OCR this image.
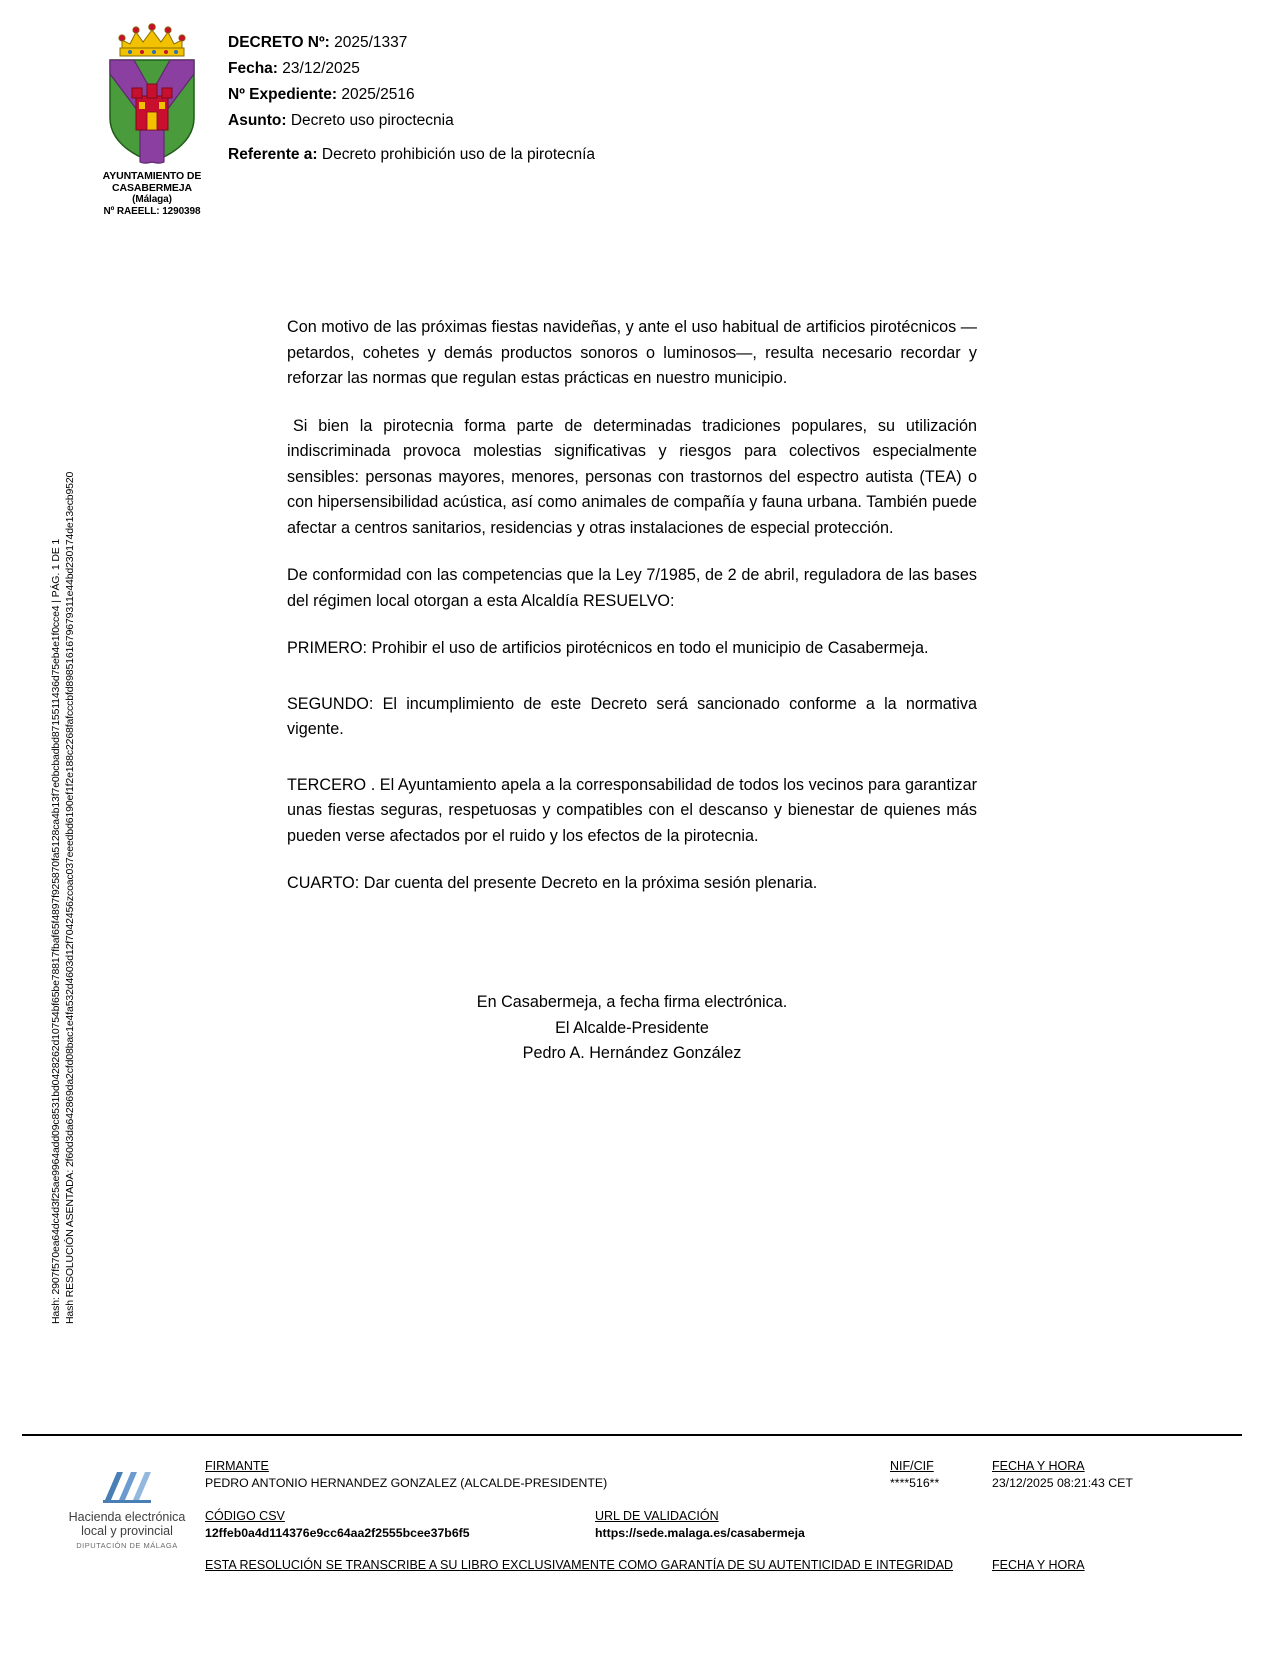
AYUNTAMIENTO DE CASABERMEJA
(Málaga)
Nº RAEELL: 1290398
DECRETO Nº: 2025/1337
Fecha: 23/12/2025
Nº Expediente: 2025/2516
Asunto: Decreto uso piroctecnia
Referente a: Decreto prohibición uso de la pirotecnía
Hash: 2907f570ea64dc4d3f25ae9964add09c8531bd0428262d10754bf65be78817fbaf65f4897f925870fa5128ca4b13f7e0bcbadbd8715511436d75eb4e1f0cce4 | PÁG. 1 DE 1 Hash RESOLUCIÓN ASENTADA: 2f60d3da642869da2cfd08bac1e4fa532d4603d12f7042456zcoac037eeedbd6190ef1f2e188c2268fafcccbfd8985161679679311e44bd230174de13ecb9520

Con motivo de las próximas fiestas navideñas, y ante el uso habitual de artificios pirotécnicos — petardos, cohetes y demás productos sonoros o luminosos—, resulta necesario recordar y reforzar las normas que regulan estas prácticas en nuestro municipio.

Si bien la pirotecnia forma parte de determinadas tradiciones populares, su utilización indiscriminada provoca molestias significativas y riesgos para colectivos especialmente sensibles: personas mayores, menores, personas con trastornos del espectro autista (TEA) o con hipersensibilidad acústica, así como animales de compañía y fauna urbana. También puede afectar a centros sanitarios, residencias y otras instalaciones de especial protección.

De conformidad con las competencias que la Ley 7/1985, de 2 de abril, reguladora de las bases del régimen local otorgan a esta Alcaldía RESUELVO:

PRIMERO: Prohibir el uso de artificios pirotécnicos en todo el municipio de Casabermeja.

SEGUNDO: El incumplimiento de este Decreto será sancionado conforme a la normativa vigente.

TERCERO . El Ayuntamiento apela a la corresponsabilidad de todos los vecinos para garantizar unas fiestas seguras, respetuosas y compatibles con el descanso y bienestar de quienes más pueden verse afectados por el ruido y los efectos de la pirotecnia.

CUARTO: Dar cuenta del presente Decreto en la próxima sesión plenaria.

En Casabermeja, a fecha firma electrónica.
El Alcalde-Presidente
Pedro A. Hernández González
Hacienda electrónica
local y provincial
DIPUTACIÓN DE MÁLAGA
FIRMANTE
PEDRO ANTONIO HERNANDEZ GONZALEZ (ALCALDE-PRESIDENTE)
NIF/CIF
****516**
FECHA Y HORA
23/12/2025 08:21:43 CET
CÓDIGO CSV
12ffeb0a4d114376e9cc64aa2f2555bcee37b6f5
URL DE VALIDACIÓN
https://sede.malaga.es/casabermeja
ESTA RESOLUCIÓN SE TRANSCRIBE A SU LIBRO EXCLUSIVAMENTE COMO GARANTÍA DE SU AUTENTICIDAD E INTEGRIDAD	FECHA Y HORA
